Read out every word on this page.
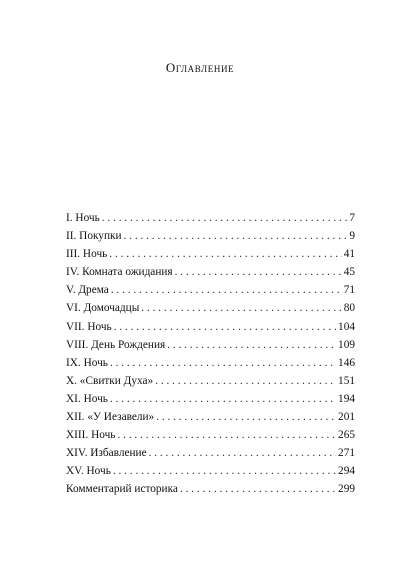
Оглавление
I. Ночь . . .	7
II. Покупки . . .	9
III. Ночь . . .	41
IV. Комната ожидания . . .	45
V. Дрема . . .	71
VI. Домочадцы . . .	80
VII. Ночь . . .	104
VIII. День Рождения . . .	109
IX. Ночь . . .	146
X. «Свитки Духа» . . .	151
XI. Ночь . . .	194
XII. «У Иезавели» . . .	201
XIII. Ночь . . .	265
XIV. Избавление . . .	271
XV. Ночь . . .	294
Комментарий историка . . .	299
